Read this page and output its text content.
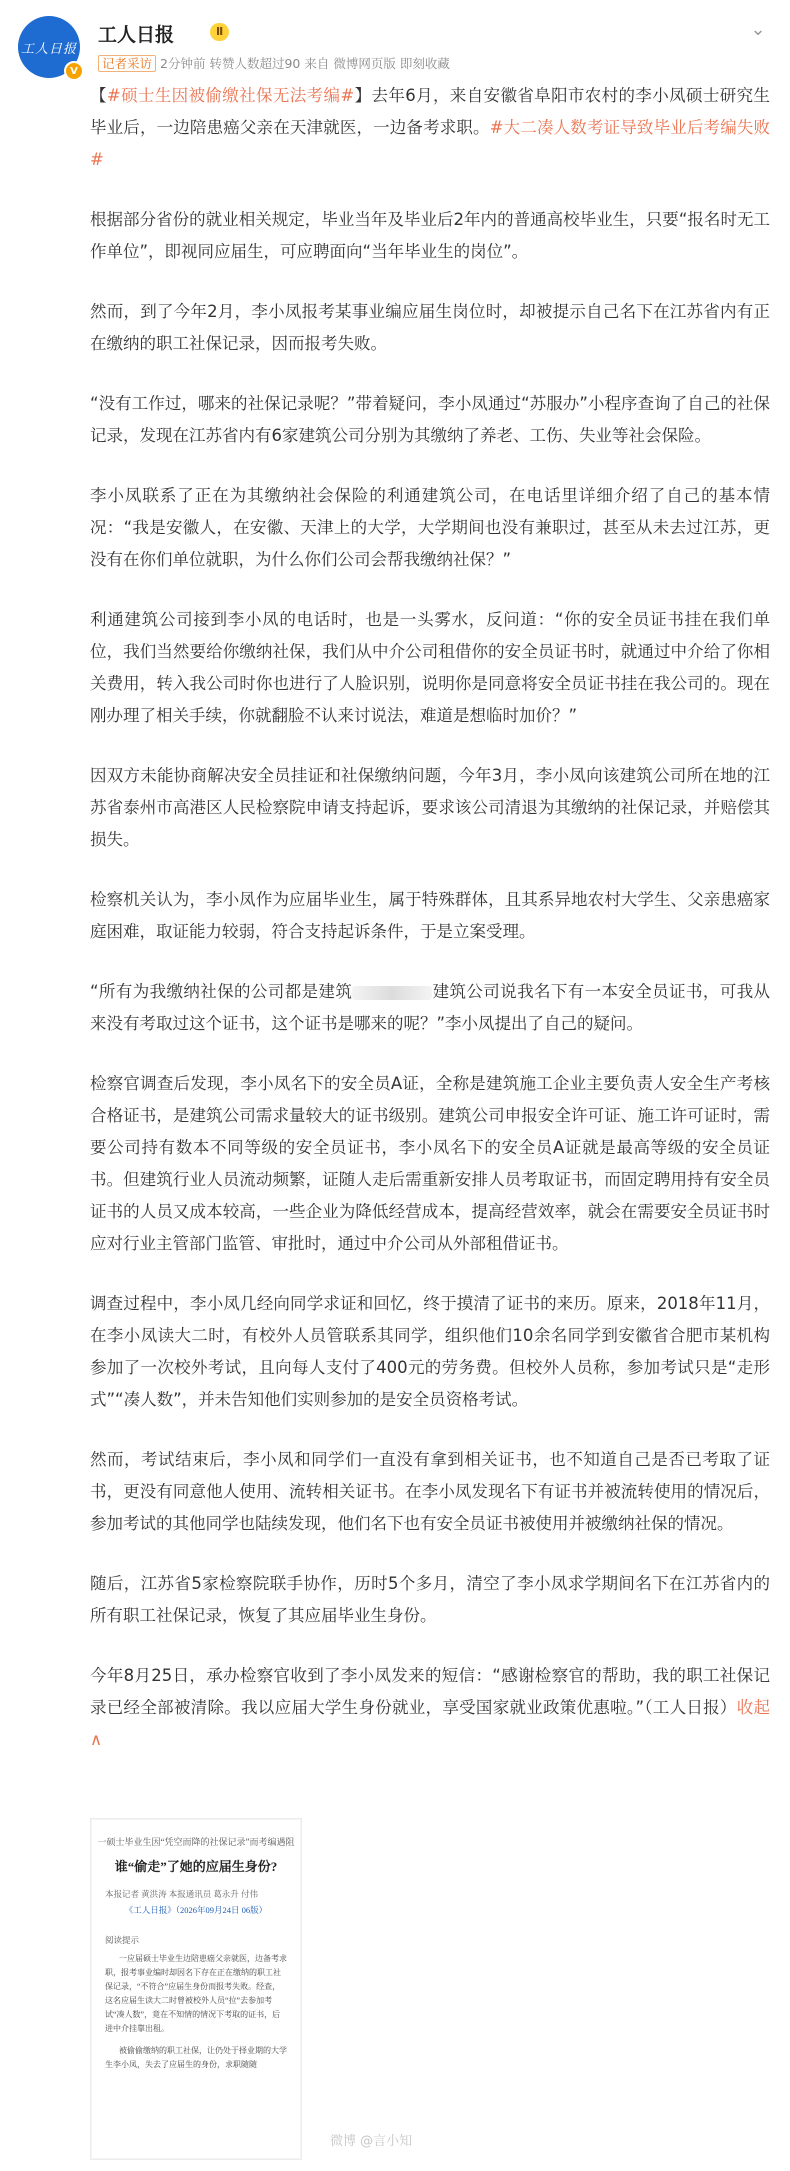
工人日报
V
工人日报	Ⅱ	⌄
记者采访 2分钟前 转赞人数超过90 来自 微博网页版 即刻收藏

【#硕士生因被偷缴社保无法考编#】去年6月，来自安徽省阜阳市农村的李小凤硕士研究生毕业后，一边陪患癌父亲在天津就医，一边备考求职。#大二凑人数考证导致毕业后考编失败#

根据部分省份的就业相关规定，毕业当年及毕业后2年内的普通高校毕业生，只要“报名时无工作单位”，即视同应届生，可应聘面向“当年毕业生的岗位”。

然而，到了今年2月，李小凤报考某事业编应届生岗位时，却被提示自己名下在江苏省内有正在缴纳的职工社保记录，因而报考失败。

“没有工作过，哪来的社保记录呢？”带着疑问，李小凤通过“苏服办”小程序查询了自己的社保记录，发现在江苏省内有6家建筑公司分别为其缴纳了养老、工伤、失业等社会保险。

李小凤联系了正在为其缴纳社会保险的利通建筑公司，在电话里详细介绍了自己的基本情况：“我是安徽人，在安徽、天津上的大学，大学期间也没有兼职过，甚至从未去过江苏，更没有在你们单位就职，为什么你们公司会帮我缴纳社保？”

利通建筑公司接到李小凤的电话时，也是一头雾水，反问道：“你的安全员证书挂在我们单位，我们当然要给你缴纳社保，我们从中介公司租借你的安全员证书时，就通过中介给了你相关费用，转入我公司时你也进行了人脸识别，说明你是同意将安全员证书挂在我公司的。现在刚办理了相关手续，你就翻脸不认来讨说法，难道是想临时加价？”

因双方未能协商解决安全员挂证和社保缴纳问题，今年3月，李小凤向该建筑公司所在地的江苏省泰州市高港区人民检察院申请支持起诉，要求该公司清退为其缴纳的社保记录，并赔偿其损失。

检察机关认为，李小凤作为应届毕业生，属于特殊群体，且其系异地农村大学生、父亲患癌家庭困难，取证能力较弱，符合支持起诉条件，于是立案受理。

“所有为我缴纳社保的公司都是建筑	建筑公司说我名下有一本安全员证书，可我从来没有考取过这个证书，这个证书是哪来的呢？”李小凤提出了自己的疑问。

检察官调查后发现，李小凤名下的安全员A证，全称是建筑施工企业主要负责人安全生产考核合格证书，是建筑公司需求量较大的证书级别。建筑公司申报安全许可证、施工许可证时，需要公司持有数本不同等级的安全员证书，李小凤名下的安全员A证就是最高等级的安全员证书。但建筑行业人员流动频繁，证随人走后需重新安排人员考取证书，而固定聘用持有安全员证书的人员又成本较高，一些企业为降低经营成本，提高经营效率，就会在需要安全员证书时应对行业主管部门监管、审批时，通过中介公司从外部租借证书。

调查过程中，李小凤几经向同学求证和回忆，终于摸清了证书的来历。原来，2018年11月，在李小凤读大二时，有校外人员管联系其同学，组织他们10余名同学到安徽省合肥市某机构参加了一次校外考试，且向每人支付了400元的劳务费。但校外人员称，参加考试只是“走形式”“凑人数”，并未告知他们实则参加的是安全员资格考试。

然而，考试结束后，李小凤和同学们一直没有拿到相关证书，也不知道自己是否已考取了证书，更没有同意他人使用、流转相关证书。在李小凤发现名下有证书并被流转使用的情况后，参加考试的其他同学也陆续发现，他们名下也有安全员证书被使用并被缴纳社保的情况。

随后，江苏省5家检察院联手协作，历时5个多月，清空了李小凤求学期间名下在江苏省内的所有职工社保记录，恢复了其应届毕业生身份。

今年8月25日，承办检察官收到了李小凤发来的短信：“感谢检察官的帮助，我的职工社保记录已经全部被清除。我以应届大学生身份就业，享受国家就业政策优惠啦。”（工人日报）收起∧

一硕士毕业生因“凭空而降的社保记录”而考编遇阻
谁“偷走”了她的应届生身份?
本报记者 黄洪涛 本报通讯员 葛永升 付伟
《工人日报》（2026年09月24日 06版）
阅读提示
一应届硕士毕业生边陪患癌父亲就医，边备考求职，报考事业编时却因名下存在正在缴纳的职工社保记录，“不符合”应届生身份而报考失败。经查，这名应届生读大二时曾被校外人员“拉”去参加考试“凑人数”，竟在不知情的情况下考取的证书，后进中介挂靠出租。
被偷偷缴纳的职工社保，让仍处于择业期的大学生李小凤，失去了应届生的身份，求职随随
微博 @言小知
